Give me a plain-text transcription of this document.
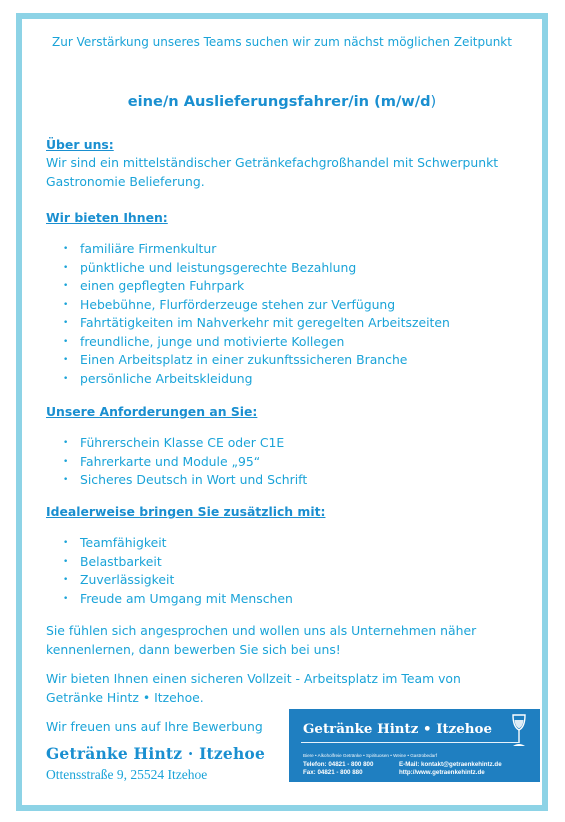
Zur Verstärkung unseres Teams suchen wir zum nächst möglichen Zeitpunkt
eine/n Auslieferungsfahrer/in (m/w/d)
Über uns:
Wir sind ein mittelständischer Getränkefachgroßhandel mit Schwerpunkt Gastronomie Belieferung.
Wir bieten Ihnen:
• familiäre Firmenkultur
• pünktliche und leistungsgerechte Bezahlung
• einen gepflegten Fuhrpark
• Hebebühne, Flurförderzeuge stehen zur Verfügung
• Fahrtätigkeiten im Nahverkehr mit geregelten Arbeitszeiten
• freundliche, junge und motivierte Kollegen
• Einen Arbeitsplatz in einer zukunftssicheren Branche
• persönliche Arbeitskleidung
Unsere Anforderungen an Sie:
• Führerschein Klasse CE oder C1E
• Fahrerkarte und Module „95“
• Sicheres Deutsch in Wort und Schrift
Idealerweise bringen Sie zusätzlich mit:
• Teamfähigkeit
• Belastbarkeit
• Zuverlässigkeit
• Freude am Umgang mit Menschen
Sie fühlen sich angesprochen und wollen uns als Unternehmen näher kennenlernen, dann bewerben Sie sich bei uns!
Wir bieten Ihnen einen sicheren Vollzeit - Arbeitsplatz im Team von Getränke Hintz • Itzehoe.
Wir freuen uns auf Ihre Bewerbung
Getränke Hintz · Itzehoe
Ottensstraße 9, 25524 Itzehoe
Getränke Hintz • Itzehoe
Biere • Alkoholfreie Getränke • Spirituosen • Weine • Gastrobedarf
Telefon: 04821 - 800 800
Fax: 04821 - 800 880
E-Mail: kontakt@getraenkehintz.de
http://www.getraenkehintz.de
